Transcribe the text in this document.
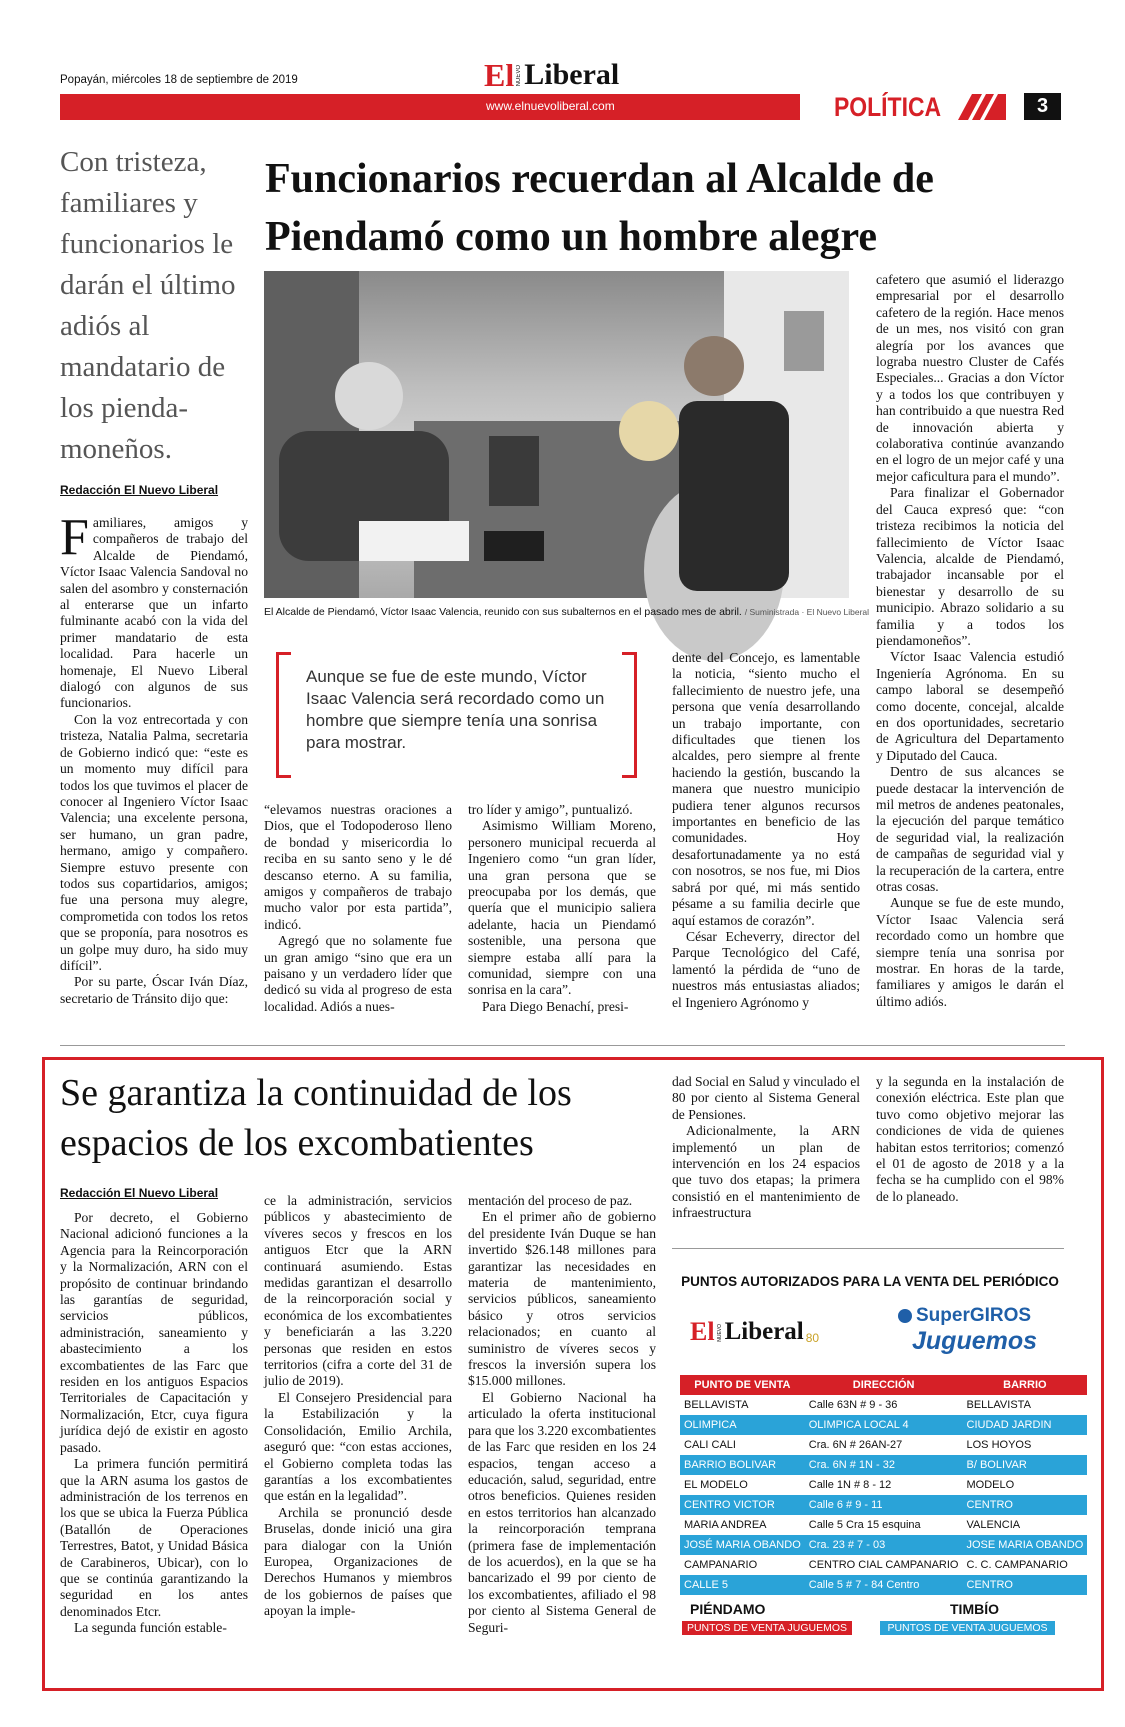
Popayán, miércoles 18 de septiembre de 2019	El NUEVO Liberal
www.elnuevoliberal.com	POLÍTICA	3
Con tristeza, familiares y funcionarios le darán el último adiós al mandatario de los pienda-moneños.
Redacción El Nuevo Liberal
Funcionarios recuerdan al Alcalde de Piendamó como un hombre alegre
El Alcalde de Piendamó, Víctor Isaac Valencia, reunido con sus subalternos en el pasado mes de abril. / Suministrada · El Nuevo Liberal
Aunque se fue de este mundo, Víctor Isaac Valencia será recordado como un hombre que siempre tenía una sonrisa para mostrar.

Familiares, amigos y compañeros de trabajo del Alcalde de Piendamó, Víctor Isaac Valencia Sandoval no salen del asombro y consternación al enterarse que un infarto fulminante acabó con la vida del primer mandatario de esta localidad. Para hacerle un homenaje, El Nuevo Liberal dialogó con algunos de sus funcionarios.

Con la voz entrecortada y con tristeza, Natalia Palma, secretaria de Gobierno indicó que: “este es un momento muy difícil para todos los que tuvimos el placer de conocer al Ingeniero Víctor Isaac Valencia; una excelente persona, ser humano, un gran padre, hermano, amigo y compañero. Siempre estuvo presente con todos sus copartidarios, amigos; fue una persona muy alegre, comprometida con todos los retos que se proponía, para nosotros es un golpe muy duro, ha sido muy difícil”.

Por su parte, Óscar Iván Díaz, secretario de Tránsito dijo que:

“elevamos nuestras oraciones a Dios, que el Todopoderoso lleno de bondad y misericordia lo reciba en su santo seno y le dé descanso eterno. A su familia, amigos y compañeros de trabajo mucho valor por esta partida”, indicó.

Agregó que no solamente fue un gran amigo “sino que era un paisano y un verdadero líder que dedicó su vida al progreso de esta localidad. Adiós a nues-

tro líder y amigo”, puntualizó.

Asimismo William Moreno, personero municipal recuerda al Ingeniero como “un gran líder, una gran persona que se preocupaba por los demás, que quería que el municipio saliera adelante, hacia un Piendamó sostenible, una persona que siempre estaba allí para la comunidad, siempre con una sonrisa en la cara”.

Para Diego Benachí, presi-

dente del Concejo, es lamentable la noticia, “siento mucho el fallecimiento de nuestro jefe, una persona que venía desarrollando un trabajo importante, con dificultades que tienen los alcaldes, pero siempre al frente haciendo la gestión, buscando la manera que nuestro municipio pudiera tener algunos recursos importantes en beneficio de las comunidades. Hoy desafortunadamente ya no está con nosotros, se nos fue, mi Dios sabrá por qué, mi más sentido pésame a su familia decirle que aquí estamos de corazón”.

César Echeverry, director del Parque Tecnológico del Café, lamentó la pérdida de “uno de nuestros más entusiastas aliados; el Ingeniero Agrónomo y

cafetero que asumió el liderazgo empresarial por el desarrollo cafetero de la región. Hace menos de un mes, nos visitó con gran alegría por los avances que lograba nuestro Cluster de Cafés Especiales... Gracias a don Víctor y a todos los que contribuyen y han contribuido a que nuestra Red de innovación abierta y colaborativa continúe avanzando en el logro de un mejor café y una mejor caficultura para el mundo”.

Para finalizar el Gobernador del Cauca expresó que: “con tristeza recibimos la noticia del fallecimiento de Víctor Isaac Valencia, alcalde de Piendamó, trabajador incansable por el bienestar y desarrollo de su municipio. Abrazo solidario a su familia y a todos los piendamoneños”.

Víctor Isaac Valencia estudió Ingeniería Agrónoma. En su campo laboral se desempeñó como docente, concejal, alcalde en dos oportunidades, secretario de Agricultura del Departamento y Diputado del Cauca.

Dentro de sus alcances se puede destacar la intervención de mil metros de andenes peatonales, la ejecución del parque temático de seguridad vial, la realización de campañas de seguridad vial y la recuperación de la cartera, entre otras cosas.

Aunque se fue de este mundo, Víctor Isaac Valencia será recordado como un hombre que siempre tenía una sonrisa por mostrar. En horas de la tarde, familiares y amigos le darán el último adiós.

Se garantiza la continuidad de los espacios de los excombatientes
Redacción El Nuevo Liberal

Por decreto, el Gobierno Nacional adicionó funciones a la Agencia para la Reincorporación y la Normalización, ARN con el propósito de continuar brindando las garantías de seguridad, servicios públicos, administración, saneamiento y abastecimiento a los excombatientes de las Farc que residen en los antiguos Espacios Territoriales de Capacitación y Normalización, Etcr, cuya figura jurídica dejó de existir en agosto pasado.

La primera función permitirá que la ARN asuma los gastos de administración de los terrenos en los que se ubica la Fuerza Pública (Batallón de Operaciones Terrestres, Batot, y Unidad Básica de Carabineros, Ubicar), con lo que se continúa garantizando la seguridad en los antes denominados Etcr.

La segunda función estable-

ce la administración, servicios públicos y abastecimiento de víveres secos y frescos en los antiguos Etcr que la ARN continuará asumiendo. Estas medidas garantizan el desarrollo de la reincorporación social y económica de los excombatientes y beneficiarán a las 3.220 personas que residen en estos territorios (cifra a corte del 31 de julio de 2019).

El Consejero Presidencial para la Estabilización y la Consolidación, Emilio Archila, aseguró que: “con estas acciones, el Gobierno completa todas las garantías a los excombatientes que están en la legalidad”.

Archila se pronunció desde Bruselas, donde inició una gira para dialogar con la Unión Europea, Organizaciones de Derechos Humanos y miembros de los gobiernos de países que apoyan la imple-

mentación del proceso de paz.

En el primer año de gobierno del presidente Iván Duque se han invertido $26.148 millones para garantizar las necesidades en materia de mantenimiento, servicios públicos, saneamiento básico y otros servicios relacionados; en cuanto al suministro de víveres secos y frescos la inversión supera los $15.000 millones.

El Gobierno Nacional ha articulado la oferta institucional para que los 3.220 excombatientes de las Farc que residen en los 24 espacios, tengan acceso a educación, salud, seguridad, entre otros beneficios. Quienes residen en estos territorios han alcanzado la reincorporación temprana (primera fase de implementación de los acuerdos), en la que se ha bancarizado el 99 por ciento de los excombatientes, afiliado el 98 por ciento al Sistema General de Seguri-

dad Social en Salud y vinculado el 80 por ciento al Sistema General de Pensiones.

Adicionalmente, la ARN implementó un plan de intervención en los 24 espacios que tuvo dos etapas; la primera consistió en el mantenimiento de infraestructura

y la segunda en la instalación de conexión eléctrica. Este plan que tuvo como objetivo mejorar las condiciones de vida de quienes habitan estos territorios; comenzó el 01 de agosto de 2018 y a la fecha se ha cumplido con el 98% de lo planeado.

PUNTOS AUTORIZADOS PARA LA VENTA DEL PERIÓDICO
El NUEVO Liberal 80
SuperGIROS
Juguemos
PUNTO DE VENTA	DIRECCIÓN	BARRIO
BELLAVISTA	Calle 63N # 9 - 36	BELLAVISTA
OLIMPICA	OLIMPICA LOCAL 4	CIUDAD JARDIN
CALI CALI	Cra. 6N # 26AN-27	LOS HOYOS
BARRIO BOLIVAR	Cra. 6N # 1N - 32	B/ BOLIVAR
EL MODELO	Calle 1N # 8 - 12	MODELO
CENTRO VICTOR	Calle 6 # 9 - 11	CENTRO
MARIA ANDREA	Calle 5 Cra 15 esquina	VALENCIA
JOSÉ MARIA OBANDO	Cra. 23 # 7 - 03	JOSE MARIA OBANDO
CAMPANARIO	CENTRO CIAL CAMPANARIO	C. C. CAMPANARIO
CALLE 5	Calle 5 # 7 - 84 Centro	CENTRO
PIÉNDAMO
PUNTOS DE VENTA JUGUEMOS
TIMBÍO
PUNTOS DE VENTA JUGUEMOS
